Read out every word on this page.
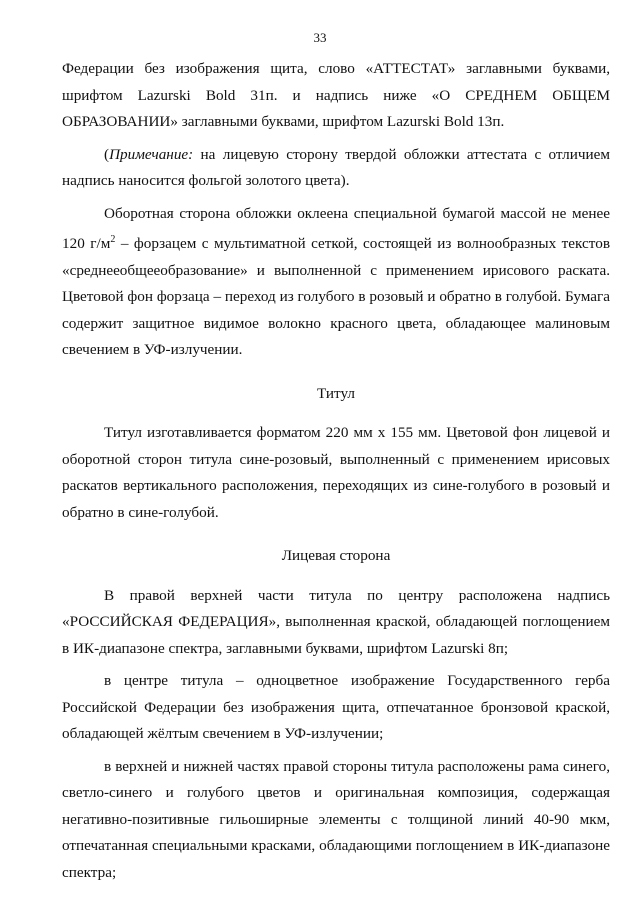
33

Федерации без изображения щита, слово «АТТЕСТАТ» заглавными буквами, шрифтом Lazurski Bold 31п. и надпись ниже «О СРЕДНЕМ ОБЩЕМ ОБРАЗОВАНИИ» заглавными буквами, шрифтом Lazurski Bold 13п.

(Примечание: на лицевую сторону твердой обложки аттестата с отличием надпись наносится фольгой золотого цвета).

Оборотная сторона обложки оклеена специальной бумагой массой не менее 120 $г/м^2$ – форзацем с мультиматной сеткой, состоящей из волнообразных текстов «среднееобщееобразование» и выполненной с применением ирисового раската. Цветовой фон форзаца – переход из голубого в розовый и обратно в голубой. Бумага содержит защитное видимое волокно красного цвета, обладающее малиновым свечением в УФ-излучении.

Титул

Титул изготавливается форматом 220 мм х 155 мм. Цветовой фон лицевой и оборотной сторон титула сине-розовый, выполненный с применением ирисовых раскатов вертикального расположения, переходящих из сине-голубого в розовый и обратно в сине-голубой.

Лицевая сторона

В правой верхней части титула по центру расположена надпись «РОССИЙСКАЯ ФЕДЕРАЦИЯ», выполненная краской, обладающей поглощением в ИК-диапазоне спектра, заглавными буквами, шрифтом Lazurski 8п;

в центре титула – одноцветное изображение Государственного герба Российской Федерации без изображения щита, отпечатанное бронзовой краской, обладающей жёлтым свечением в УФ-излучении;

в верхней и нижней частях правой стороны титула расположены рама синего, светло-синего и голубого цветов и оригинальная композиция, содержащая негативно-позитивные гильоширные элементы с толщиной линий 40-90 мкм, отпечатанная специальными красками, обладающими поглощением в ИК-диапазоне спектра;
